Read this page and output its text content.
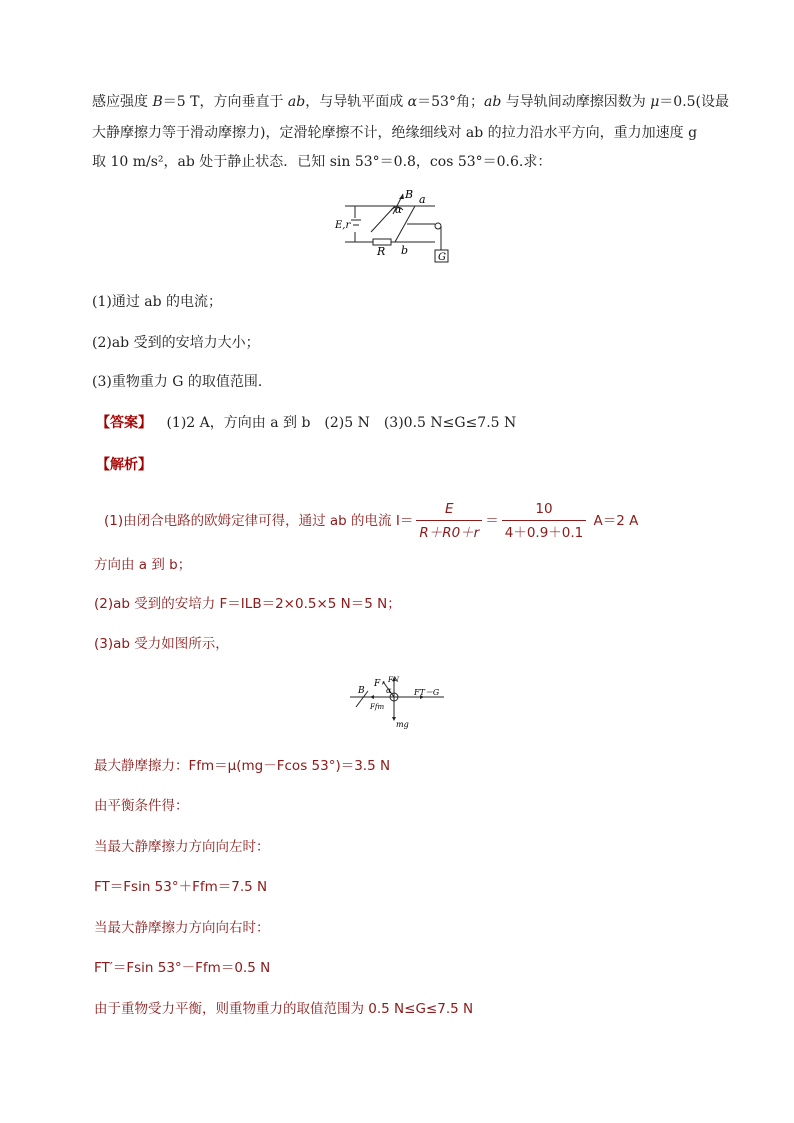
感应强度 B＝5 T，方向垂直于 ab，与导轨平面成 α＝53°角；ab 与导轨间动摩擦因数为 μ＝0.5(设最
大静摩擦力等于滑动摩擦力)，定滑轮摩擦不计，绝缘细线对 ab 的拉力沿水平方向，重力加速度 g
取 10 m/s²，ab 处于静止状态．已知 sin 53°＝0.8，cos 53°＝0.6.求：
B
α
a
b
E,r
R	G
(1)通过 ab 的电流；
(2)ab 受到的安培力大小；
(3)重物重力 G 的取值范围．
【答案】 (1)2 A，方向由 a 到 b　(2)5 N　(3)0.5 N≤G≤7.5 N
【解析】
(1)由闭合电路的欧姆定律可得，通过 ab 的电流 $I= \frac{E}{R+R0+r} = \frac{10}{4+0.9+0.1} A=2$ A
方向由 a 到 b；
(2)ab 受到的安培力 F＝ILB＝2×0.5×5 N＝5 N；
(3)ab 受力如图所示，
B
F FN
α	FT＝G
Ffm
mg
最大静摩擦力：Ffm＝μ(mg－Fcos 53°)＝3.5 N
由平衡条件得：
当最大静摩擦力方向向左时：
FT＝Fsin 53°＋Ffm＝7.5 N
当最大静摩擦力方向向右时：
FT′＝Fsin 53°－Ffm＝0.5 N
由于重物受力平衡，则重物重力的取值范围为 0.5 N≤G≤7.5 N
